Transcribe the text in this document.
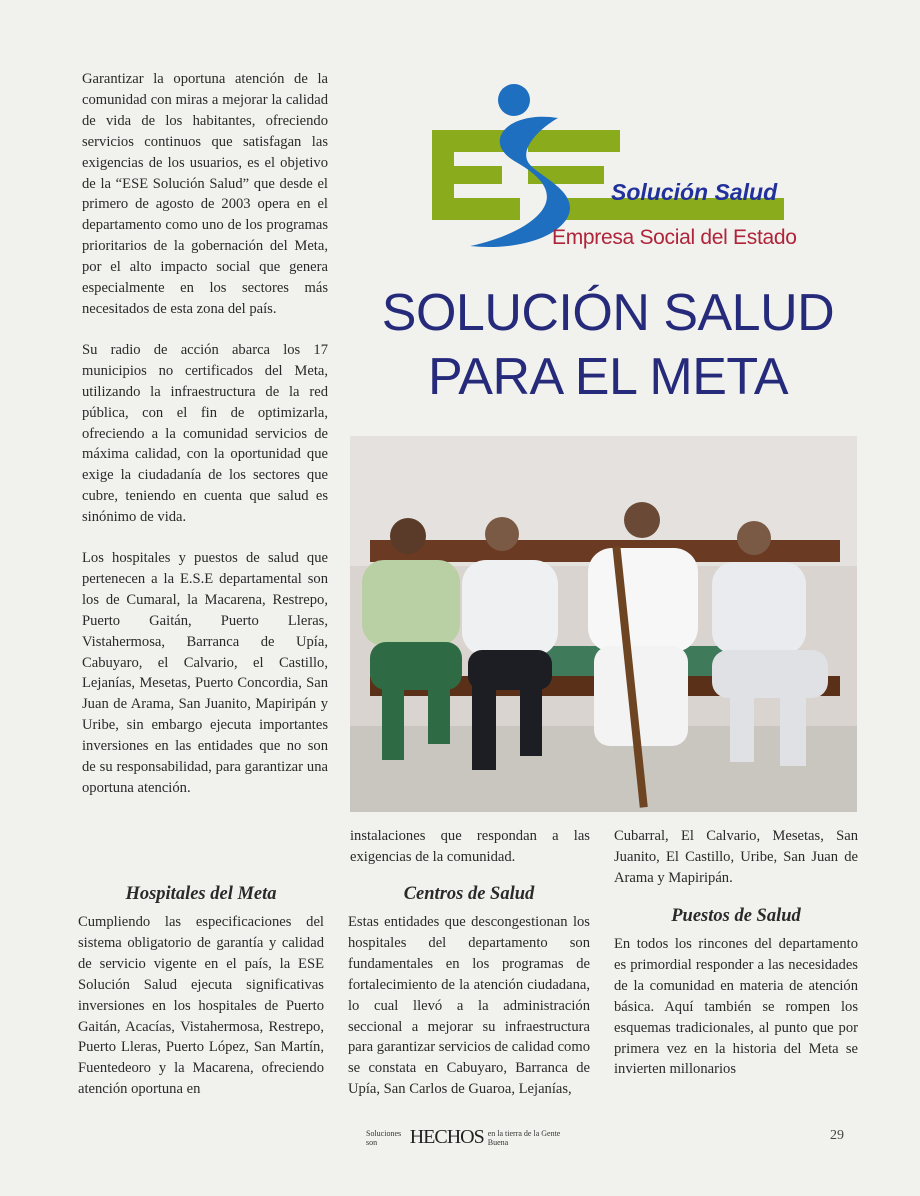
Garantizar la oportuna atención de la comunidad con miras a mejorar la calidad de vida de los habitantes, ofreciendo servicios continuos que satisfagan las exigencias de los usuarios, es el objetivo de la “ESE Solución Salud” que desde el primero de agosto de 2003 opera en el departamento como uno de los programas prioritarios de la gobernación del Meta, por el alto impacto social que genera especialmente en los sectores más necesitados de esta zona del país.

Su radio de acción abarca los 17 municipios no certificados del Meta, utilizando la infraestructura de la red pública, con el fin de optimizarla, ofreciendo a la comunidad servicios de máxima calidad, con la oportunidad que exige la ciudadanía de los sectores que cubre, teniendo en cuenta que salud es sinónimo de vida.

Los hospitales y puestos de salud que pertenecen a la E.S.E departamental son los de Cumaral, la Macarena, Restrepo, Puerto Gaitán, Puerto Lleras, Vistahermosa, Barranca de Upía, Cabuyaro, el Calvario, el Castillo, Lejanías, Mesetas, Puerto Concordia, San Juan de Arama, San Juanito, Mapiripán y Uribe, sin embargo ejecuta importantes inversiones en las entidades que no son de su responsabilidad, para garantizar una oportuna atención.

Solución Salud
Empresa Social del Estado
SOLUCIÓN SALUD
PARA EL META

instalaciones que respondan a las exigencias de la comunidad.

Centros de Salud

Estas entidades que descongestionan los hospitales del departamento son fundamentales en los programas de fortalecimiento de la atención ciudadana, lo cual llevó a la administración seccional a mejorar su infraestructura para garantizar servicios de calidad como se constata en Cabuyaro, Barranca de Upía, San Carlos de Guaroa, Lejanías,

Cubarral, El Calvario, Mesetas, San Juanito, El Castillo, Uribe, San Juan de Arama y Mapiripán.

Puestos de Salud

En todos los rincones del departamento es primordial responder a las necesidades de la comunidad en materia de atención básica. Aquí también se rompen los esquemas tradicionales, al punto que por primera vez en la historia del Meta se invierten millonarios

Hospitales del Meta

Cumpliendo las especificaciones del sistema obligatorio de garantía y calidad de servicio vigente en el país, la ESE Solución Salud ejecuta significativas inversiones en los hospitales de Puerto Gaitán, Acacías, Vistahermosa, Restrepo, Puerto Lleras, Puerto López, San Martín, Fuentedeoro y la Macarena, ofreciendo atención oportuna en

Soluciones son	HECHOS en la tierra de la Gente Buena	29
